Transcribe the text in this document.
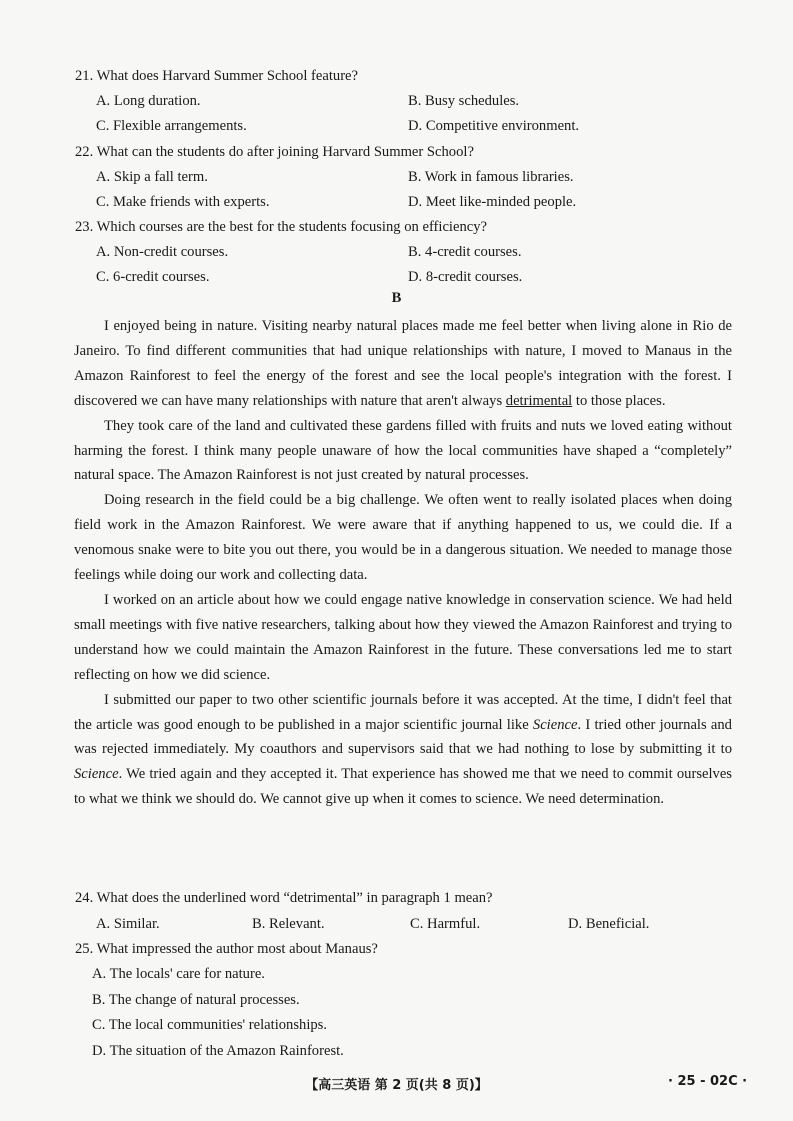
21. What does Harvard Summer School feature?
A. Long duration.	B. Busy schedules.
C. Flexible arrangements.	D. Competitive environment.
22. What can the students do after joining Harvard Summer School?
A. Skip a fall term.	B. Work in famous libraries.
C. Make friends with experts.	D. Meet like-minded people.
23. Which courses are the best for the students focusing on efficiency?
A. Non-credit courses.	B. 4-credit courses.
C. 6-credit courses.	D. 8-credit courses.
B

I enjoyed being in nature. Visiting nearby natural places made me feel better when living alone in Rio de Janeiro. To find different communities that had unique relationships with nature, I moved to Manaus in the Amazon Rainforest to feel the energy of the forest and see the local people's integration with the forest. I discovered we can have many relationships with nature that aren't always detrimental to those places.

They took care of the land and cultivated these gardens filled with fruits and nuts we loved eating without harming the forest. I think many people unaware of how the local communities have shaped a “completely” natural space. The Amazon Rainforest is not just created by natural processes.

Doing research in the field could be a big challenge. We often went to really isolated places when doing field work in the Amazon Rainforest. We were aware that if anything happened to us, we could die. If a venomous snake were to bite you out there, you would be in a dangerous situation. We needed to manage those feelings while doing our work and collecting data.

I worked on an article about how we could engage native knowledge in conservation science. We had held small meetings with five native researchers, talking about how they viewed the Amazon Rainforest and trying to understand how we could maintain the Amazon Rainforest in the future. These conversations led me to start reflecting on how we did science.

I submitted our paper to two other scientific journals before it was accepted. At the time, I didn't feel that the article was good enough to be published in a major scientific journal like Science. I tried other journals and was rejected immediately. My coauthors and supervisors said that we had nothing to lose by submitting it to Science. We tried again and they accepted it. That experience has showed me that we need to commit ourselves to what we think we should do. We cannot give up when it comes to science. We need determination.

24. What does the underlined word “detrimental” in paragraph 1 mean?
A. Similar.	B. Relevant.	C. Harmful.	D. Beneficial.
25. What impressed the author most about Manaus?
A. The locals' care for nature.
B. The change of natural processes.
C. The local communities' relationships.
D. The situation of the Amazon Rainforest.
【高三英语 第 2 页(共 8 页)】	· 25 - 02C ·
